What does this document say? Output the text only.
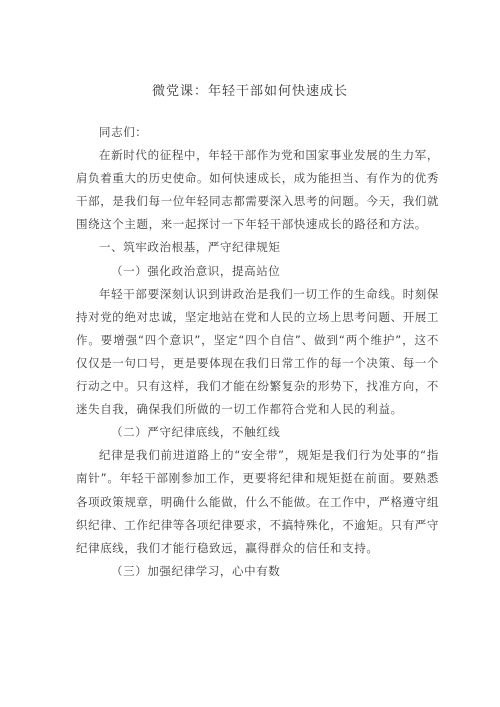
微党课：年轻干部如何快速成长

同志们：

在新时代的征程中，年轻干部作为党和国家事业发展的生力军，肩负着重大的历史使命。如何快速成长，成为能担当、有作为的优秀干部，是我们每一位年轻同志都需要深入思考的问题。今天，我们就围绕这个主题，来一起探讨一下年轻干部快速成长的路径和方法。

一、筑牢政治根基，严守纪律规矩

（一）强化政治意识，提高站位

年轻干部要深刻认识到讲政治是我们一切工作的生命线。时刻保持对党的绝对忠诚，坚定地站在党和人民的立场上思考问题、开展工作。要增强“四个意识”，坚定“四个自信”、做到“两个维护”，这不仅仅是一句口号，更是要体现在我们日常工作的每一个决策、每一个行动之中。只有这样，我们才能在纷繁复杂的形势下，找准方向，不迷失自我，确保我们所做的一切工作都符合党和人民的利益。

（二）严守纪律底线，不触红线

纪律是我们前进道路上的“安全带”，规矩是我们行为处事的“指南针”。年轻干部刚参加工作，更要将纪律和规矩挺在前面。要熟悉各项政策规章，明确什么能做，什么不能做。在工作中，严格遵守组织纪律、工作纪律等各项纪律要求，不搞特殊化，不逾矩。只有严守纪律底线，我们才能行稳致远，赢得群众的信任和支持。

（三）加强纪律学习，心中有数
